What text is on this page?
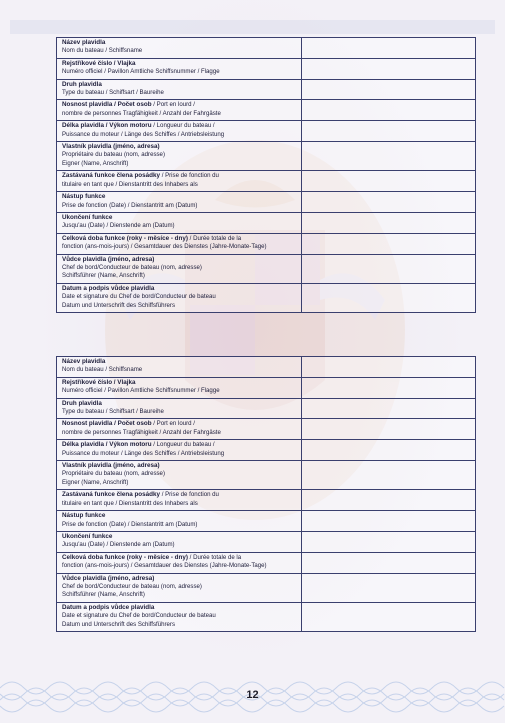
Název plavidla
Nom du bateau / Schiffsname	
Rejstříkové číslo / Vlajka
Numéro officiel / Pavillon Amtliche Schiffsnummer / Flagge	
Druh plavidla
Type du bateau / Schiffsart / Baureihe	
Nosnost plavidla / Počet osob / Port en lourd /
nombre de personnes Tragfähigkeit / Anzahl der Fahrgäste	
Délka plavidla / Výkon motoru / Longueur du bateau /
Puissance du moteur / Länge des Schiffes / Antriebsleistung	
Vlastník plavidla (jméno, adresa)
Propriétaire du bateau (nom, adresse)
Eigner (Name, Anschrift)	
Zastávaná funkce člena posádky / Prise de fonction du
titulaire en tant que / Dienstantritt des Inhabers als	
Nástup funkce
Prise de fonction (Date) / Dienstantritt am (Datum)	
Ukončení funkce
Jusqu'au (Date) / Dienstende am (Datum)	
Celková doba funkce (roky - měsíce - dny) / Durée totale de la
fonction (ans-mois-jours) / Gesamtdauer des Dienstes (Jahre-Monate-Tage)	
Vůdce plavidla (jméno, adresa)
Chef de bord/Conducteur de bateau (nom, adresse)
Schiffsführer (Name, Anschrift)	
Datum a podpis vůdce plavidla
Date et signature du Chef de bord/Conducteur de bateau
Datum und Unterschrift des Schiffsführers	
Název plavidla
Nom du bateau / Schiffsname	
Rejstříkové číslo / Vlajka
Numéro officiel / Pavillon Amtliche Schiffsnummer / Flagge	
Druh plavidla
Type du bateau / Schiffsart / Baureihe	
Nosnost plavidla / Počet osob / Port en lourd /
nombre de personnes Tragfähigkeit / Anzahl der Fahrgäste	
Délka plavidla / Výkon motoru / Longueur du bateau /
Puissance du moteur / Länge des Schiffes / Antriebsleistung	
Vlastník plavidla (jméno, adresa)
Propriétaire du bateau (nom, adresse)
Eigner (Name, Anschrift)	
Zastávaná funkce člena posádky / Prise de fonction du
titulaire en tant que / Dienstantritt des Inhabers als	
Nástup funkce
Prise de fonction (Date) / Dienstantritt am (Datum)	
Ukončení funkce
Jusqu'au (Date) / Dienstende am (Datum)	
Celková doba funkce (roky - měsíce - dny) / Durée totale de la
fonction (ans-mois-jours) / Gesamtdauer des Dienstes (Jahre-Monate-Tage)	
Vůdce plavidla (jméno, adresa)
Chef de bord/Conducteur de bateau (nom, adresse)
Schiffsführer (Name, Anschrift)	
Datum a podpis vůdce plavidla
Date et signature du Chef de bord/Conducteur de bateau
Datum und Unterschrift des Schiffsführers	
12
